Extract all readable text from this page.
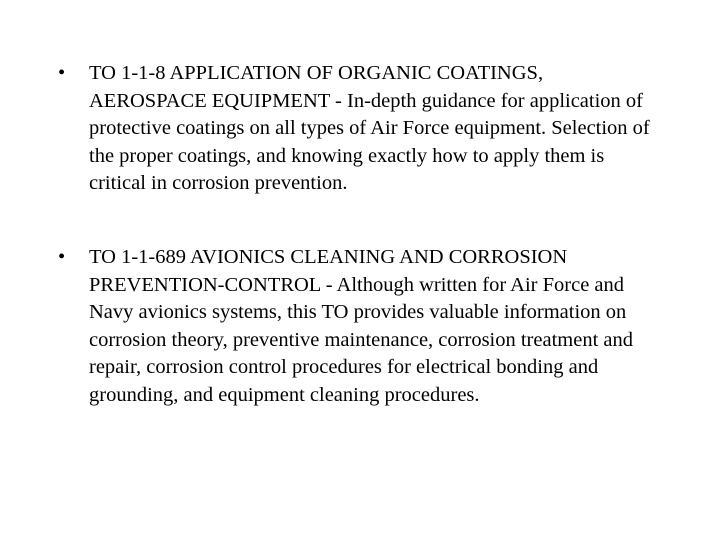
• TO 1-1-8 APPLICATION OF ORGANIC COATINGS, AEROSPACE EQUIPMENT - In-depth guidance for application of protective coatings on all types of Air Force equipment. Selection of the proper coatings, and knowing exactly how to apply them is critical in corrosion prevention.
• TO 1-1-689 AVIONICS CLEANING AND CORROSION PREVENTION-CONTROL - Although written for Air Force and Navy avionics systems, this TO provides valuable information on corrosion theory, preventive maintenance, corrosion treatment and repair, corrosion control procedures for electrical bonding and grounding, and equipment cleaning procedures.
